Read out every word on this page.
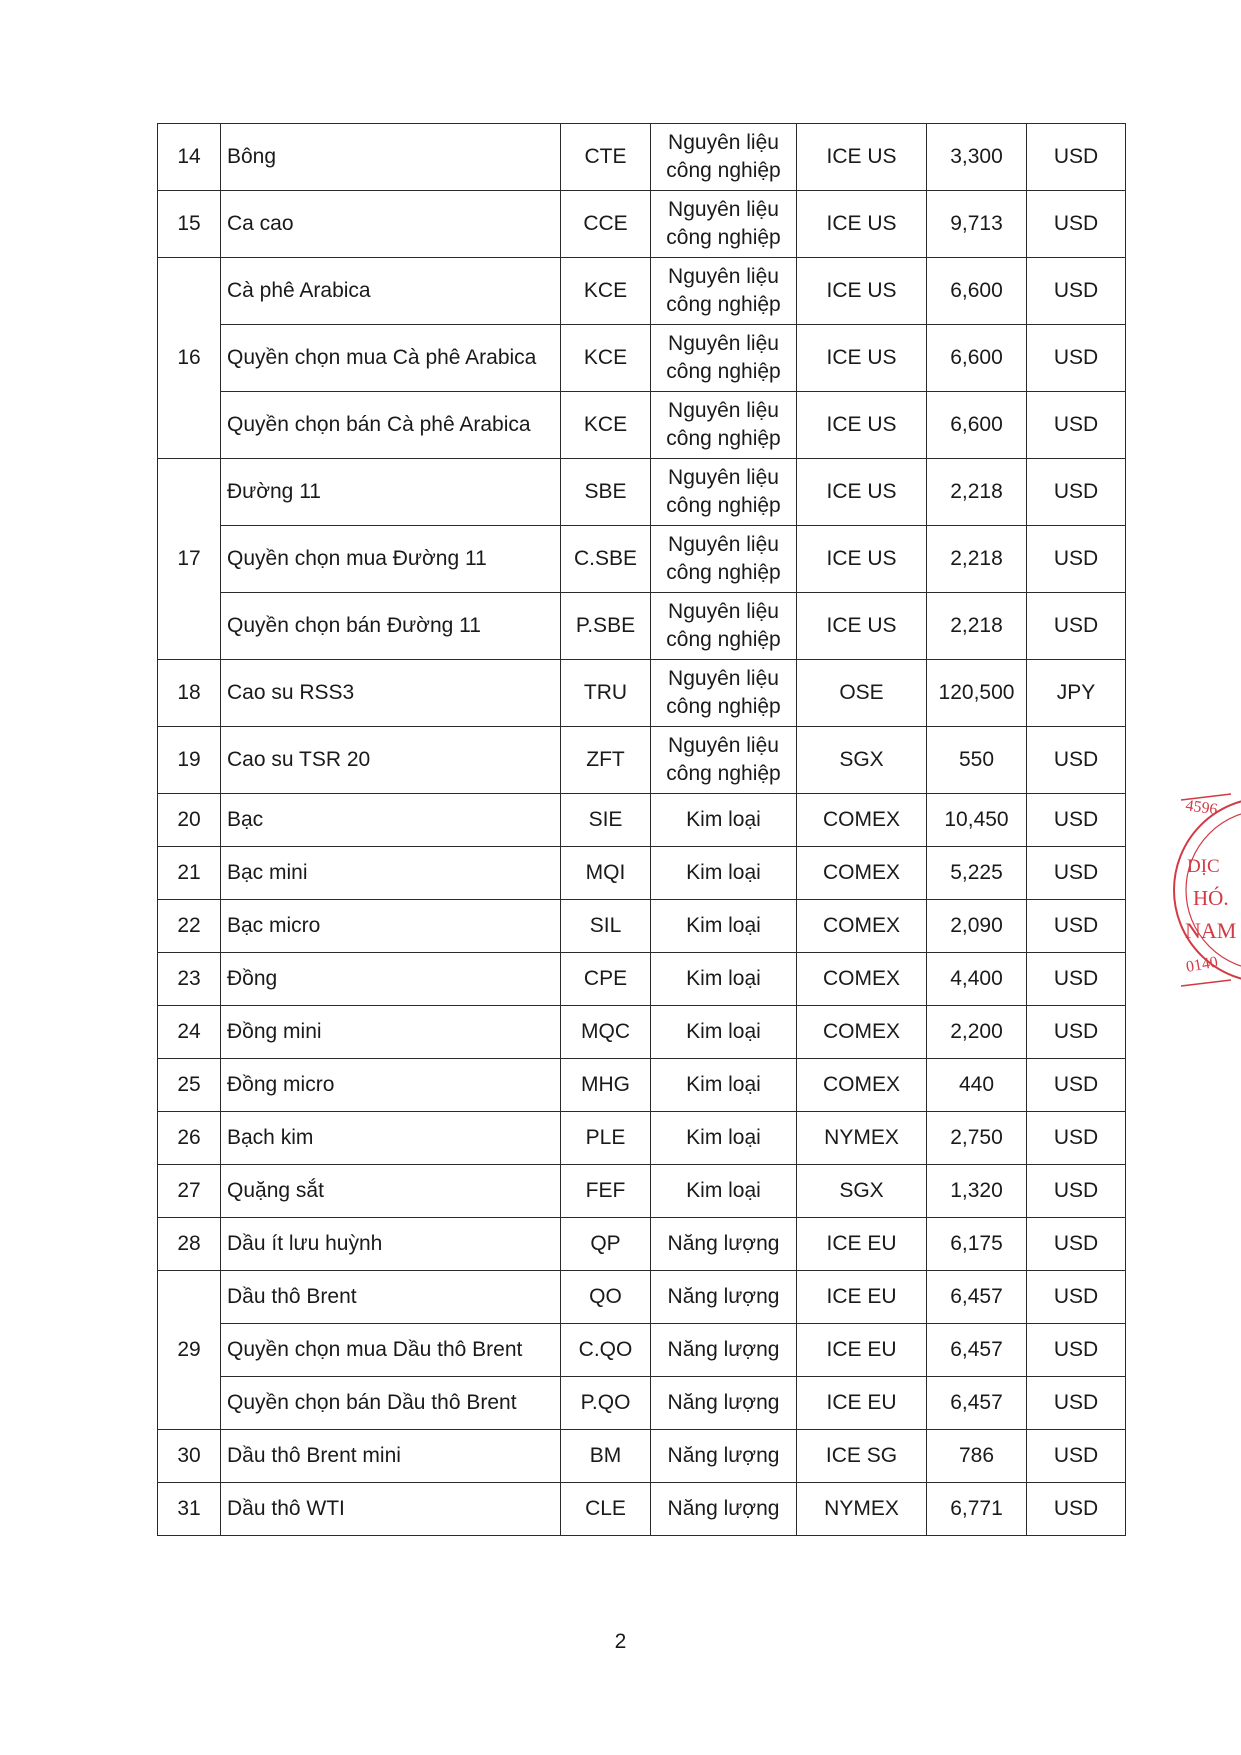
14	Bông	CTE	Nguyên liệu
công nghiệp	ICE US	3,300	USD
15	Ca cao	CCE	Nguyên liệu
công nghiệp	ICE US	9,713	USD
16	Cà phê Arabica	KCE	Nguyên liệu
công nghiệp	ICE US	6,600	USD
	Quyền chọn mua Cà phê Arabica	KCE	Nguyên liệu
công nghiệp	ICE US	6,600	USD
	Quyền chọn bán Cà phê Arabica	KCE	Nguyên liệu
công nghiệp	ICE US	6,600	USD
17	Đường 11	SBE	Nguyên liệu
công nghiệp	ICE US	2,218	USD
	Quyền chọn mua Đường 11	C.SBE	Nguyên liệu
công nghiệp	ICE US	2,218	USD
	Quyền chọn bán Đường 11	P.SBE	Nguyên liệu
công nghiệp	ICE US	2,218	USD
18	Cao su RSS3	TRU	Nguyên liệu
công nghiệp	OSE	120,500	JPY
19	Cao su TSR 20	ZFT	Nguyên liệu
công nghiệp	SGX	550	USD
20	Bạc	SIE	Kim loại	COMEX	10,450	USD
21	Bạc mini	MQI	Kim loại	COMEX	5,225	USD
22	Bạc micro	SIL	Kim loại	COMEX	2,090	USD
23	Đồng	CPE	Kim loại	COMEX	4,400	USD
24	Đồng mini	MQC	Kim loại	COMEX	2,200	USD
25	Đồng micro	MHG	Kim loại	COMEX	440	USD
26	Bạch kim	PLE	Kim loại	NYMEX	2,750	USD
27	Quặng sắt	FEF	Kim loại	SGX	1,320	USD
28	Dầu ít lưu huỳnh	QP	Năng lượng	ICE EU	6,175	USD
29	Dầu thô Brent	QO	Năng lượng	ICE EU	6,457	USD
	Quyền chọn mua Dầu thô Brent	C.QO	Năng lượng	ICE EU	6,457	USD
	Quyền chọn bán Dầu thô Brent	P.QO	Năng lượng	ICE EU	6,457	USD
30	Dầu thô Brent mini	BM	Năng lượng	ICE SG	786	USD
31	Dầu thô WTI	CLE	Năng lượng	NYMEX	6,771	USD
2
4596
DỊC
HÓ.
NAM
0140
